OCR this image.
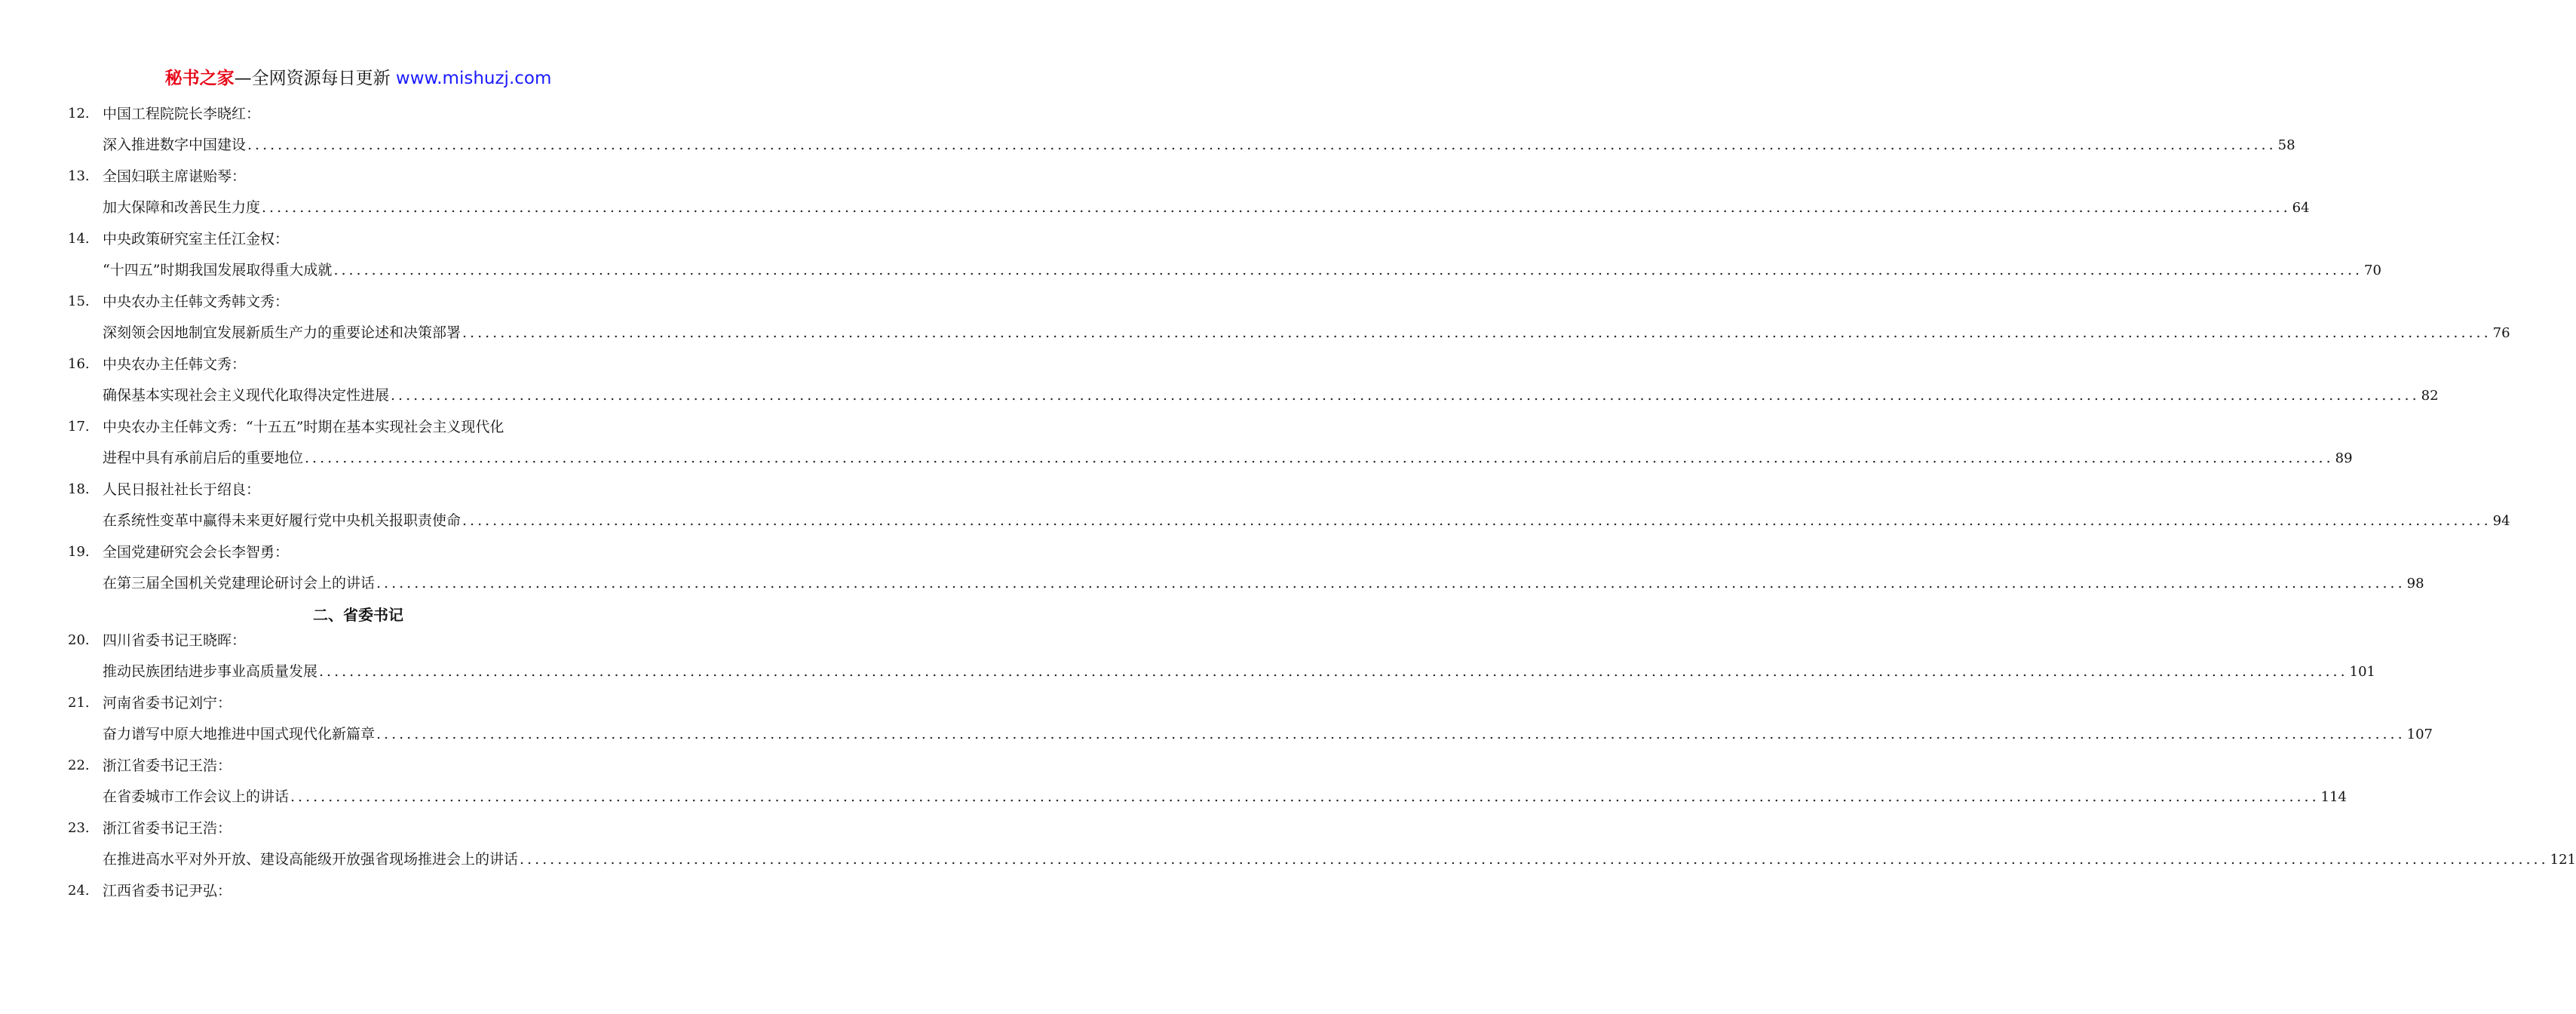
秘书之家—全网资源每日更新 www.mishuzj.com
12. 中国工程院院长李晓红：
深入推进数字中国建设 ............................................................................................................................................................................................................................................................................ 58
13. 全国妇联主席谌贻琴：
加大保障和改善民生力度 ............................................................................................................................................................................................................................................................................ 64
14. 中央政策研究室主任江金权：
“十四五”时期我国发展取得重大成就 ............................................................................................................................................................................................................................................................................ 70
15. 中央农办主任韩文秀韩文秀：
深刻领会因地制宜发展新质生产力的重要论述和决策部署 ............................................................................................................................................................................................................................................................................ 76
16. 中央农办主任韩文秀：
确保基本实现社会主义现代化取得决定性进展 ............................................................................................................................................................................................................................................................................ 82
17. 中央农办主任韩文秀：“十五五”时期在基本实现社会主义现代化
进程中具有承前启后的重要地位 ............................................................................................................................................................................................................................................................................ 89
18. 人民日报社社长于绍良：
在系统性变革中赢得未来更好履行党中央机关报职责使命 ............................................................................................................................................................................................................................................................................ 94
19. 全国党建研究会会长李智勇：
在第三届全国机关党建理论研讨会上的讲话 ............................................................................................................................................................................................................................................................................ 98
二、省委书记
20. 四川省委书记王晓晖：
推动民族团结进步事业高质量发展 ............................................................................................................................................................................................................................................................................ 101
21. 河南省委书记刘宁：
奋力谱写中原大地推进中国式现代化新篇章 ............................................................................................................................................................................................................................................................................ 107
22. 浙江省委书记王浩：
在省委城市工作会议上的讲话 ............................................................................................................................................................................................................................................................................ 114
23. 浙江省委书记王浩：
在推进高水平对外开放、建设高能级开放强省现场推进会上的讲话 ............................................................................................................................................................................................................................................................................ 121
24. 江西省委书记尹弘：
